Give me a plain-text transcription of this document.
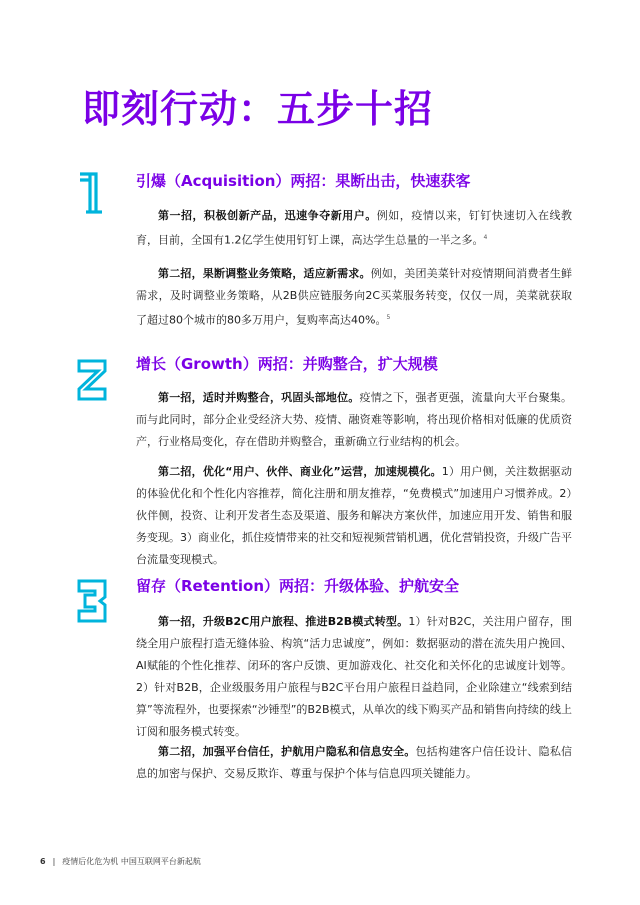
即刻行动：五步十招
引爆（Acquisition）两招：果断出击，快速获客
第一招，积极创新产品，迅速争夺新用户。例如，疫情以来，钉钉快速切入在线教育，目前，全国有1.2亿学生使用钉钉上课，高达学生总量的一半之多。$^4$
第二招，果断调整业务策略，适应新需求。例如，美团美菜针对疫情期间消费者生鲜需求，及时调整业务策略，从2B供应链服务向2C买菜服务转变，仅仅一周，美菜就获取了超过80个城市的80多万用户，复购率高达40%。$^5$
增长（Growth）两招：并购整合，扩大规模
第一招，适时并购整合，巩固头部地位。疫情之下，强者更强，流量向大平台聚集。而与此同时，部分企业受经济大势、疫情、融资难等影响，将出现价格相对低廉的优质资产，行业格局变化，存在借助并购整合，重新确立行业结构的机会。
第二招，优化“用户、伙伴、商业化”运营，加速规模化。1）用户侧，关注数据驱动的体验优化和个性化内容推荐，简化注册和朋友推荐，“免费模式”加速用户习惯养成。2）伙伴侧，投资、让利开发者生态及渠道、服务和解决方案伙伴，加速应用开发、销售和服务变现。3）商业化，抓住疫情带来的社交和短视频营销机遇，优化营销投资，升级广告平台流量变现模式。
留存（Retention）两招：升级体验、护航安全
第一招，升级B2C用户旅程、推进B2B模式转型。1）针对B2C，关注用户留存，围绕全用户旅程打造无缝体验、构筑“活力忠诚度”，例如：数据驱动的潜在流失用户挽回、AI赋能的个性化推荐、闭环的客户反馈、更加游戏化、社交化和关怀化的忠诚度计划等。2）针对B2B，企业级服务用户旅程与B2C平台用户旅程日益趋同，企业除建立“线索到结算”等流程外，也要探索“沙锤型”的B2B模式，从单次的线下购买产品和销售向持续的线上订阅和服务模式转变。
第二招，加强平台信任，护航用户隐私和信息安全。包括构建客户信任设计、隐私信息的加密与保护、交易反欺诈、尊重与保护个体与信息四项关键能力。
6 | 疫情后化危为机 中国互联网平台新起航
